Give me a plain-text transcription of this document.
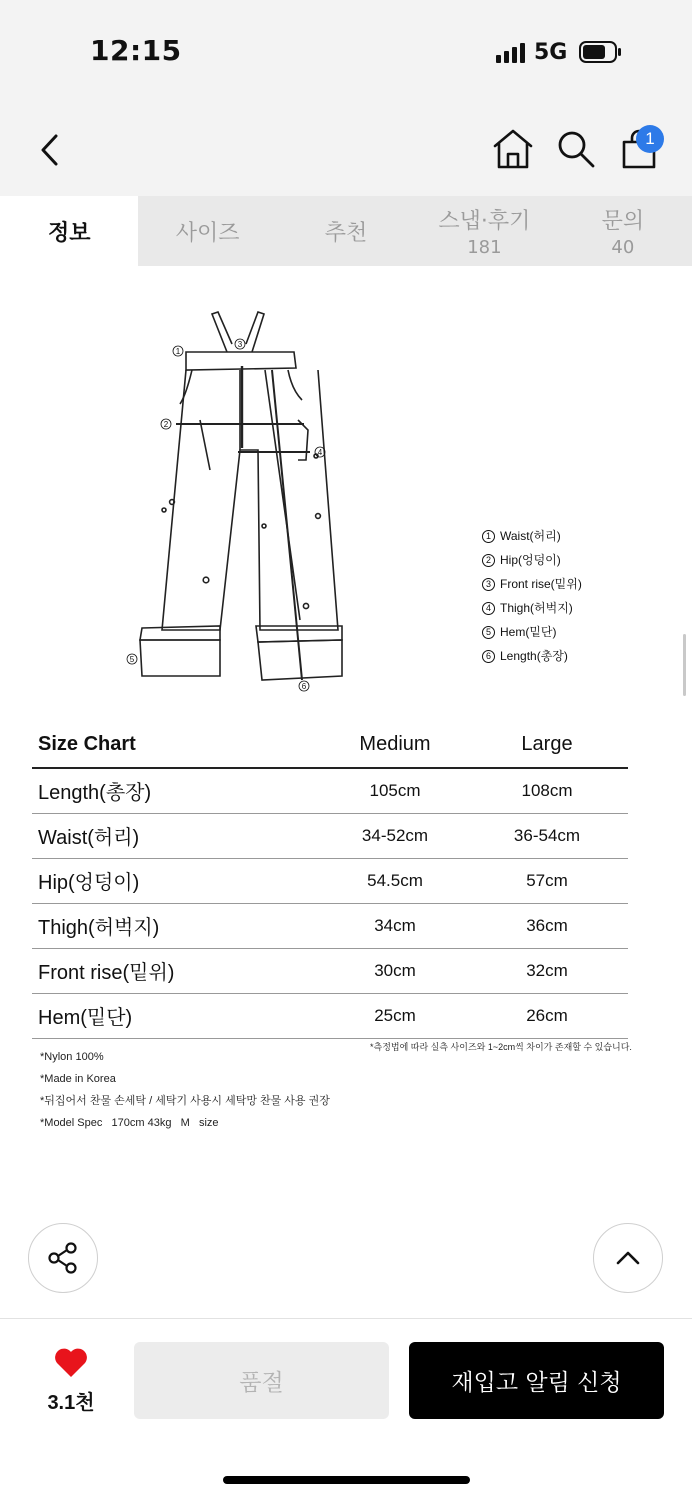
12:15	5G
1
정보	사이즈	추천	스냅·후기
181
문의
40
1
2
3
4
5
6
1 Waist(허리)
2 Hip(엉덩이)
3 Front rise(밑위)
4 Thigh(허벅지)
5 Hem(밑단)
6 Length(총장)
Size Chart	Medium	Large
Length(총장)	105cm	108cm
Waist(허리)	34-52cm	36-54cm
Hip(엉덩이)	54.5cm	57cm
Thigh(허벅지)	34cm	36cm
Front rise(밑위)	30cm	32cm
Hem(밑단)	25cm	26cm
*측정법에 따라 실측 사이즈와 1~2cm씩 차이가 존재할 수 있습니다.
*Nylon 100%
*Made in Korea
*뒤집어서 찬물 손세탁 / 세탁기 사용시 세탁망 찬물 사용 권장
*Model Spec   170cm 43kg   M   size
3.1천
품절	재입고 알림 신청
